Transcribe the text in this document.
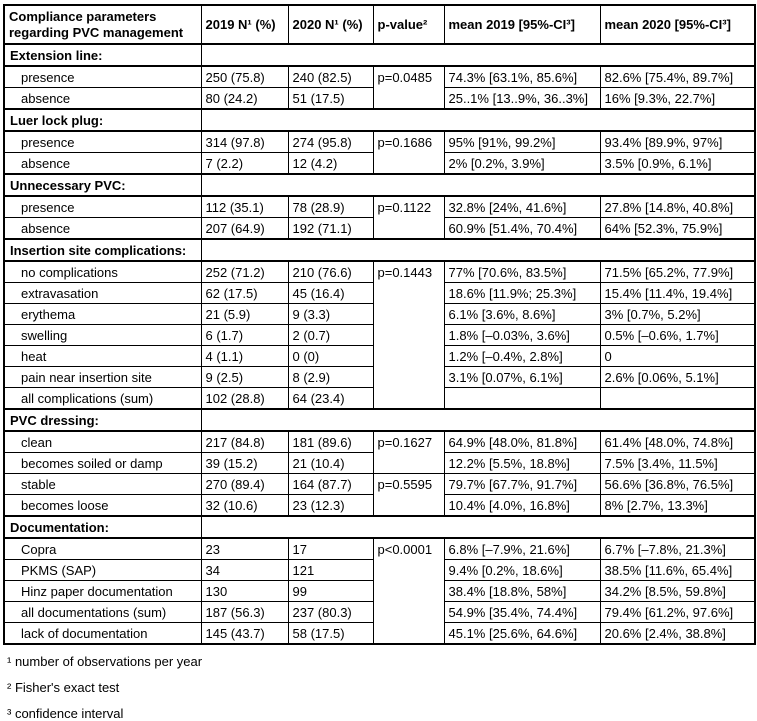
Compliance parameters regarding PVC management	2019 N¹ (%)	2020 N¹ (%)	p-value²	mean 2019 [95%-CI³]	mean 2020 [95%-CI³]
Extension line:					
presence	250 (75.8)	240 (82.5)	p=0.0485	74.3% [63.1%, 85.6%]	82.6% [75.4%, 89.7%]
absence	80 (24.2)	51 (17.5)		25..1% [13..9%, 36..3%]	16% [9.3%, 22.7%]
Luer lock plug:					
presence	314 (97.8)	274 (95.8)	p=0.1686	95% [91%, 99.2%]	93.4% [89.9%, 97%]
absence	7 (2.2)	12 (4.2)		2% [0.2%, 3.9%]	3.5% [0.9%, 6.1%]
Unnecessary PVC:					
presence	112 (35.1)	78 (28.9)	p=0.1122	32.8% [24%, 41.6%]	27.8% [14.8%, 40.8%]
absence	207 (64.9)	192 (71.1)		60.9% [51.4%, 70.4%]	64% [52.3%, 75.9%]
Insertion site complications:					
no complications	252 (71.2)	210 (76.6)	p=0.1443	77% [70.6%, 83.5%]	71.5% [65.2%, 77.9%]
extravasation	62 (17.5)	45 (16.4)		18.6% [11.9%; 25.3%]	15.4% [11.4%, 19.4%]
erythema	21 (5.9)	9 (3.3)		6.1% [3.6%, 8.6%]	3% [0.7%, 5.2%]
swelling	6 (1.7)	2 (0.7)		1.8% [–0.03%, 3.6%]	0.5% [–0.6%, 1.7%]
heat	4 (1.1)	0 (0)		1.2% [–0.4%, 2.8%]	0
pain near insertion site	9 (2.5)	8 (2.9)		3.1% [0.07%, 6.1%]	2.6% [0.06%, 5.1%]
all complications (sum)	102 (28.8)	64 (23.4)			
PVC dressing:					
clean	217 (84.8)	181 (89.6)	p=0.1627	64.9% [48.0%, 81.8%]	61.4% [48.0%, 74.8%]
becomes soiled or damp	39 (15.2)	21 (10.4)		12.2% [5.5%, 18.8%]	7.5% [3.4%, 11.5%]
stable	270 (89.4)	164 (87.7)	p=0.5595	79.7% [67.7%, 91.7%]	56.6% [36.8%, 76.5%]
becomes loose	32 (10.6)	23 (12.3)		10.4% [4.0%, 16.8%]	8% [2.7%, 13.3%]
Documentation:					
Copra	23	17	p<0.0001	6.8% [–7.9%, 21.6%]	6.7% [–7.8%, 21.3%]
PKMS (SAP)	34	121		9.4% [0.2%, 18.6%]	38.5% [11.6%, 65.4%]
Hinz paper documentation	130	99		38.4% [18.8%, 58%]	34.2% [8.5%, 59.8%]
all documentations (sum)	187 (56.3)	237 (80.3)		54.9% [35.4%, 74.4%]	79.4% [61.2%, 97.6%]
lack of documentation	145 (43.7)	58 (17.5)		45.1% [25.6%, 64.6%]	20.6% [2.4%, 38.8%]
¹ number of observations per year
² Fisher's exact test
³ confidence interval
